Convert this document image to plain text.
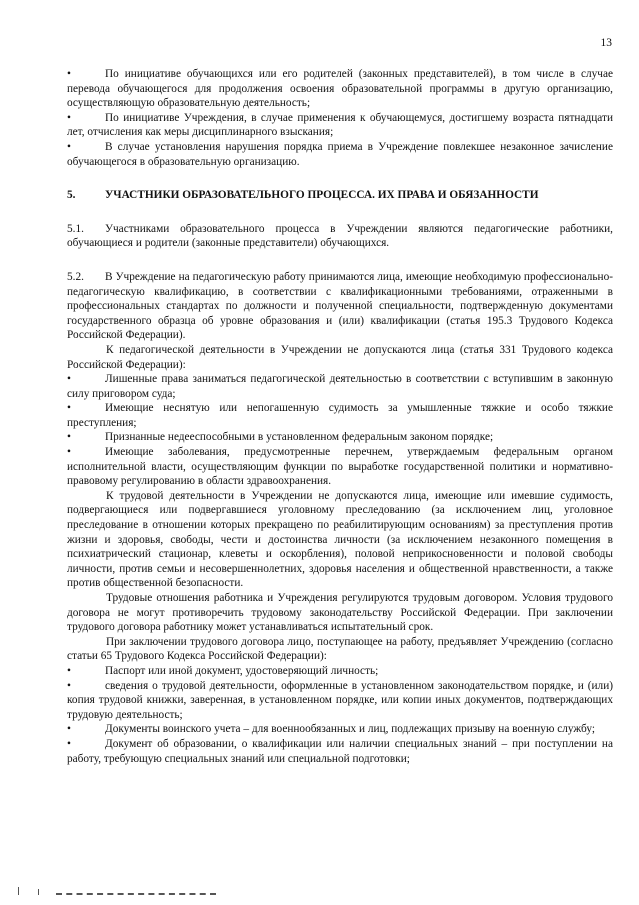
13

•	По инициативе обучающихся или его родителей (законных представителей), в том числе в случае перевода обучающегося для продолжения освоения образовательной программы в другую организацию, осуществляющую образовательную деятельность;

•	По инициативе Учреждения, в случае применения к обучающемуся, достигшему возраста пятнадцати лет, отчисления как меры дисциплинарного взыскания;

•	В случае установления нарушения порядка приема в Учреждение повлекшее незаконное зачисление обучающегося в образовательную организацию.

5.	УЧАСТНИКИ ОБРАЗОВАТЕЛЬНОГО ПРОЦЕССА. ИХ ПРАВА И ОБЯЗАННОСТИ

5.1. Участниками образовательного процесса в Учреждении являются педагогические работники, обучающиеся и родители (законные представители) обучающихся.

5.2. В Учреждение на педагогическую работу принимаются лица, имеющие необходимую профессионально-педагогическую квалификацию, в соответствии с квалификационными требованиями, отраженными в профессиональных стандартах по должности и полученной специальности, подтвержденную документами государственного образца об уровне образования и (или) квалификации (статья 195.3 Трудового Кодекса Российской Федерации).

К педагогической деятельности в Учреждении не допускаются лица (статья 331 Трудового кодекса Российской Федерации):

•	Лишенные права заниматься педагогической деятельностью в соответствии с вступившим в законную силу приговором суда;

•	Имеющие неснятую или непогашенную судимость за умышленные тяжкие и особо тяжкие преступления;

•	Признанные недееспособными в установленном федеральным законом порядке;

•	Имеющие заболевания, предусмотренные перечнем, утверждаемым федеральным органом исполнительной власти, осуществляющим функции по выработке государственной политики и нормативно-правовому регулированию в области здравоохранения.

К трудовой деятельности в Учреждении не допускаются лица, имеющие или имевшие судимость, подвергающиеся или подвергавшиеся уголовному преследованию (за исключением лиц, уголовное преследование в отношении которых прекращено по реабилитирующим основаниям) за преступления против жизни и здоровья, свободы, чести и достоинства личности (за исключением незаконного помещения в психиатрический стационар, клеветы и оскорбления), половой неприкосновенности и половой свободы личности, против семьи и несовершеннолетних, здоровья населения и общественной нравственности, а также против общественной безопасности.

Трудовые отношения работника и Учреждения регулируются трудовым договором. Условия трудового договора не могут противоречить трудовому законодательству Российской Федерации. При заключении трудового договора работнику может устанавливаться испытательный срок.

При заключении трудового договора лицо, поступающее на работу, предъявляет Учреждению (согласно статьи 65 Трудового Кодекса Российской Федерации):

•	Паспорт или иной документ, удостоверяющий личность;

•	сведения о трудовой деятельности, оформленные в установленном законодательством порядке, и (или) копия трудовой книжки, заверенная, в установленном порядке, или копии иных документов, подтверждающих трудовую деятельность;

•	Документы воинского учета – для военнообязанных и лиц, подлежащих призыву на военную службу;

•	Документ об образовании, о квалификации или наличии специальных знаний – при поступлении на работу, требующую специальных знаний или специальной подготовки;
